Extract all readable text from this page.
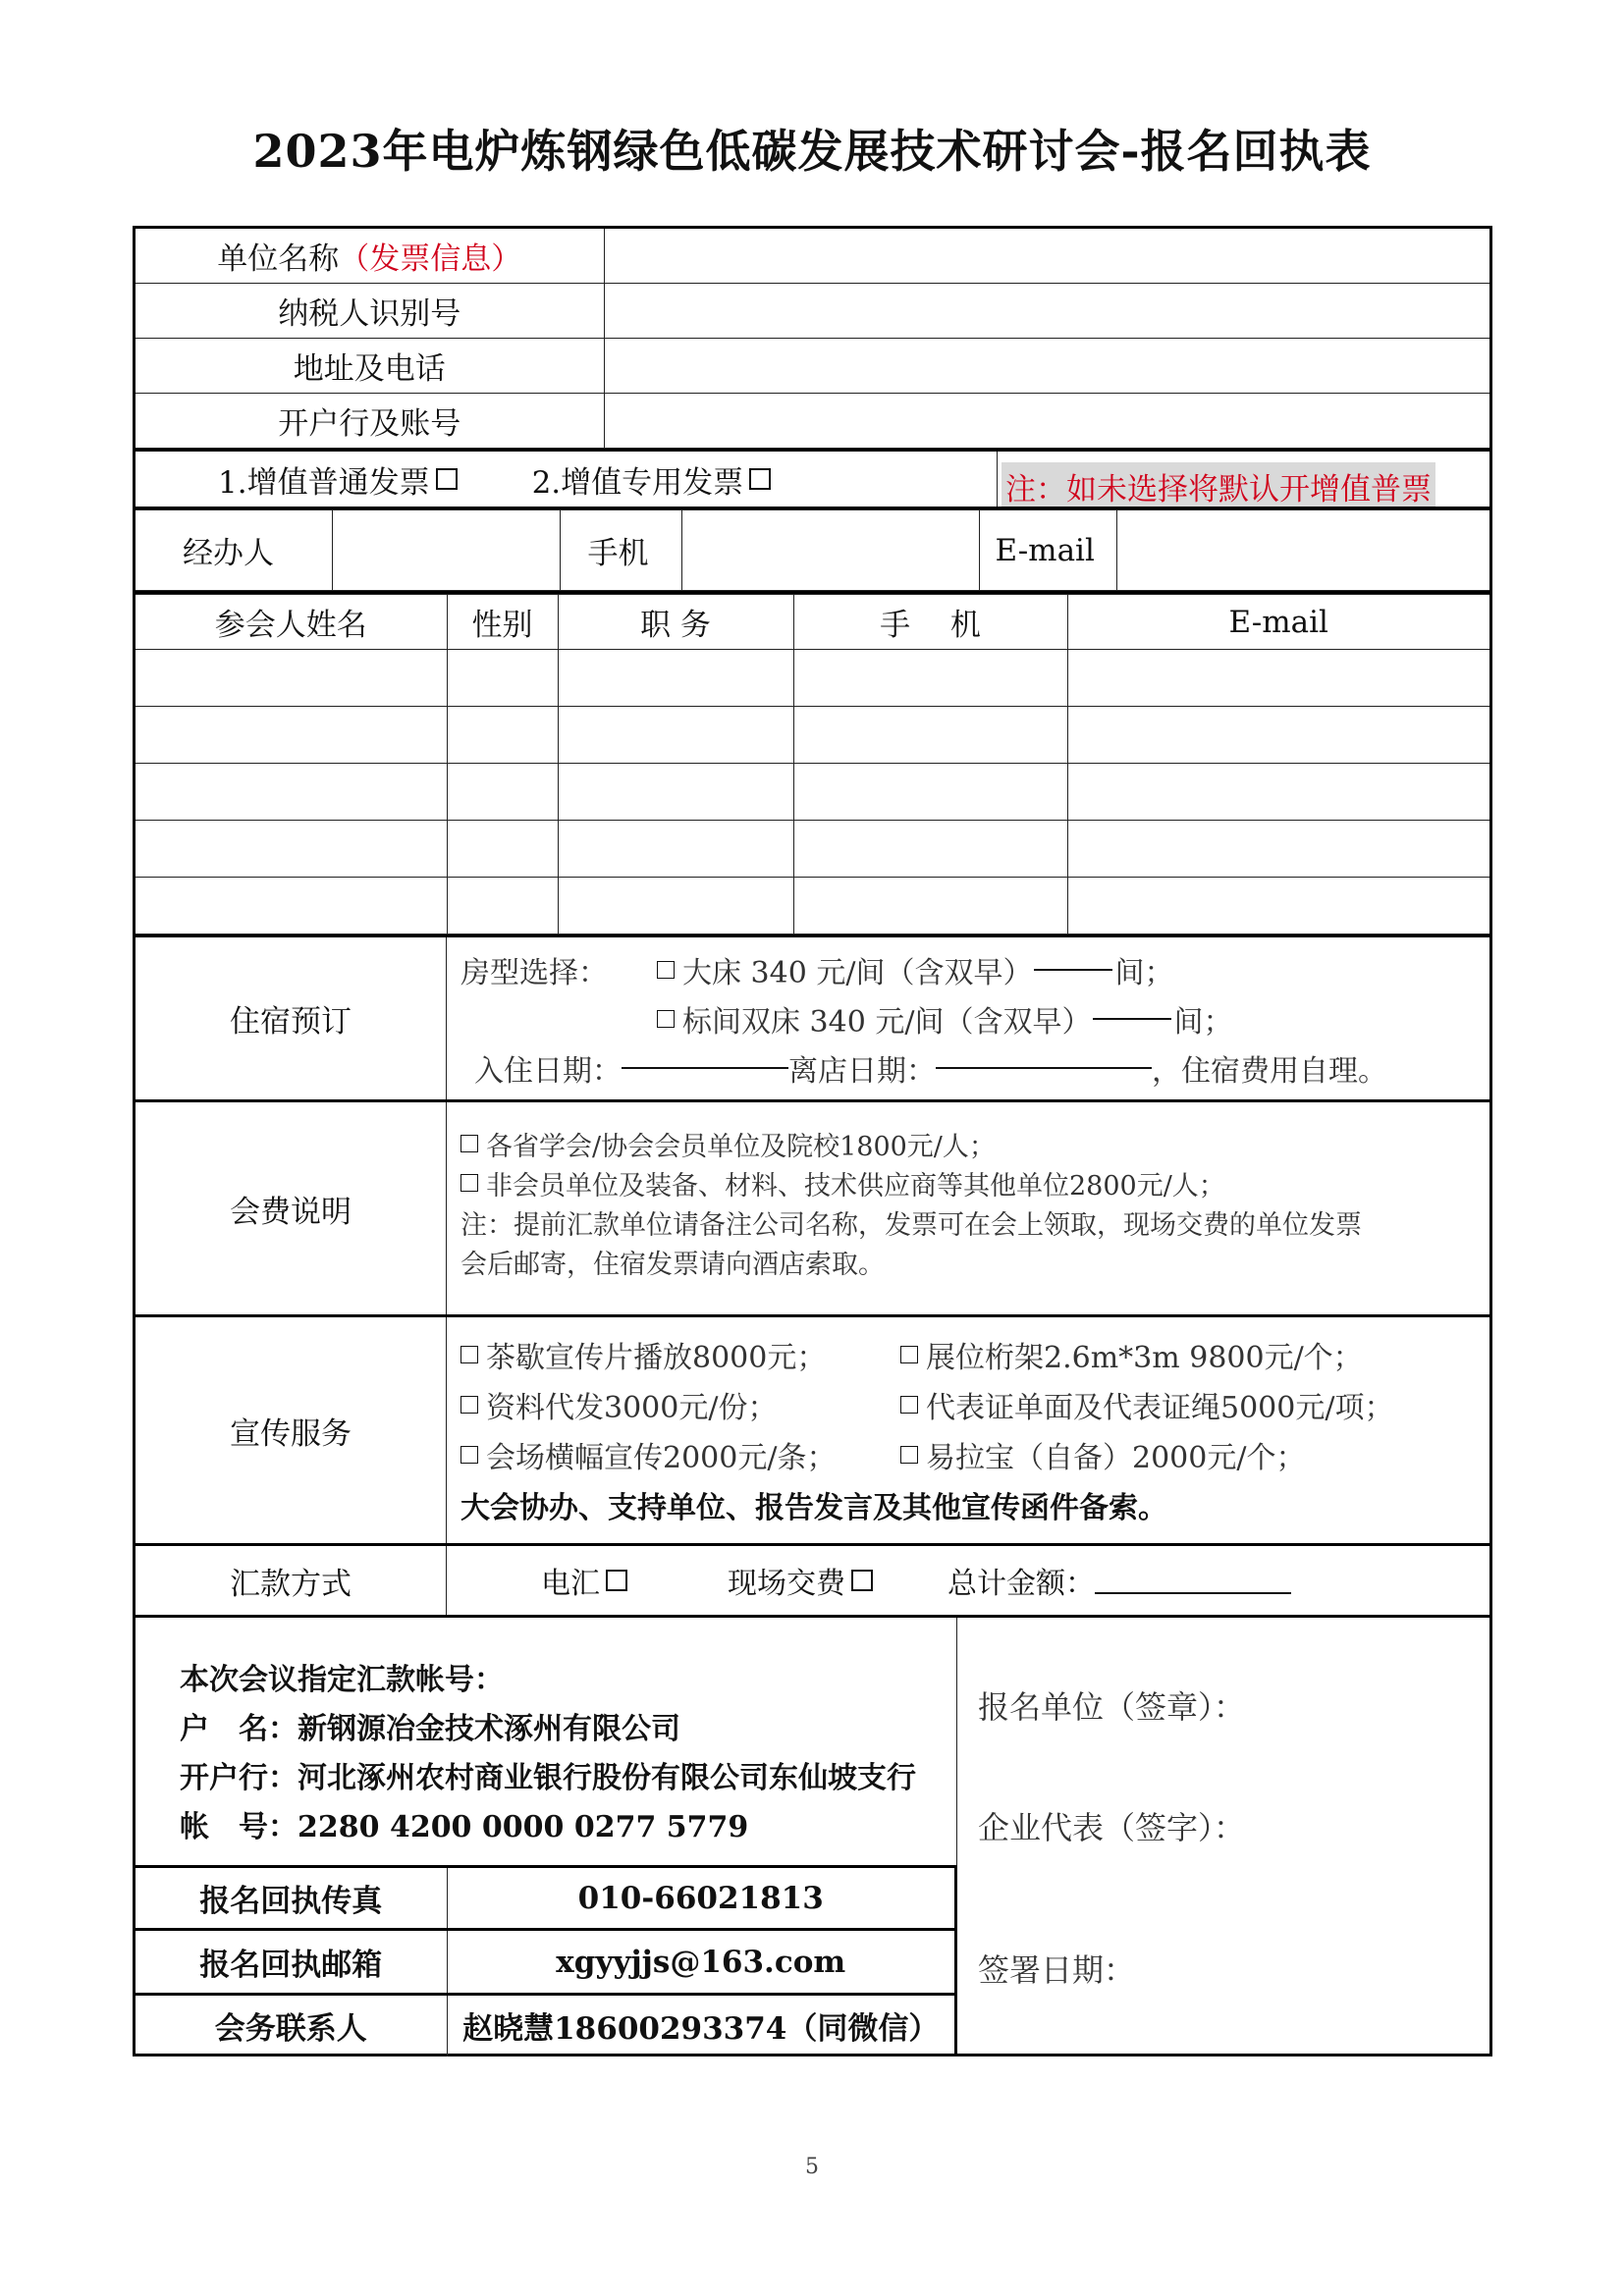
2023年电炉炼钢绿色低碳发展技术研讨会-报名回执表
单位名称（发票信息）	
纳税人识别号	
地址及电话	
开户行及账号	
1.增值普通发票	2.增值专用发票	注：如未选择将默认开增值普票
经办人		手机		E-mail	
参会人姓名	性别	职 务	手　 机	E-mail

住宿预订
房型选择：	大床 340 元/间（含双早）	间；
标间双床 340 元/间（含双早）	间；
入住日期：	离店日期：	，住宿费用自理。
会费说明
各省学会/协会会员单位及院校1800元/人；
非会员单位及装备、材料、技术供应商等其他单位2800元/人；
注：提前汇款单位请备注公司名称，发票可在会上领取，现场交费的单位发票
会后邮寄，住宿发票请向酒店索取。
宣传服务
茶歇宣传片播放8000元；	展位桁架2.6m*3m 9800元/个；
资料代发3000元/份；	代表证单面及代表证绳5000元/项；
会场横幅宣传2000元/条；	易拉宝（自备）2000元/个；
大会协办、支持单位、报告发言及其他宣传函件备索。
汇款方式	电汇	现场交费	总计金额：
本次会议指定汇款帐号：
户　名：新钢源冶金技术涿州有限公司
开户行：河北涿州农村商业银行股份有限公司东仙坡支行
帐　号：2280 4200 0000 0277 5779
报名回执传真	010-66021813
报名回执邮箱	xgyyjjs@163.com
会务联系人	赵晓慧18600293374（同微信）
报名单位（签章）：
企业代表（签字）：
签署日期：
5
